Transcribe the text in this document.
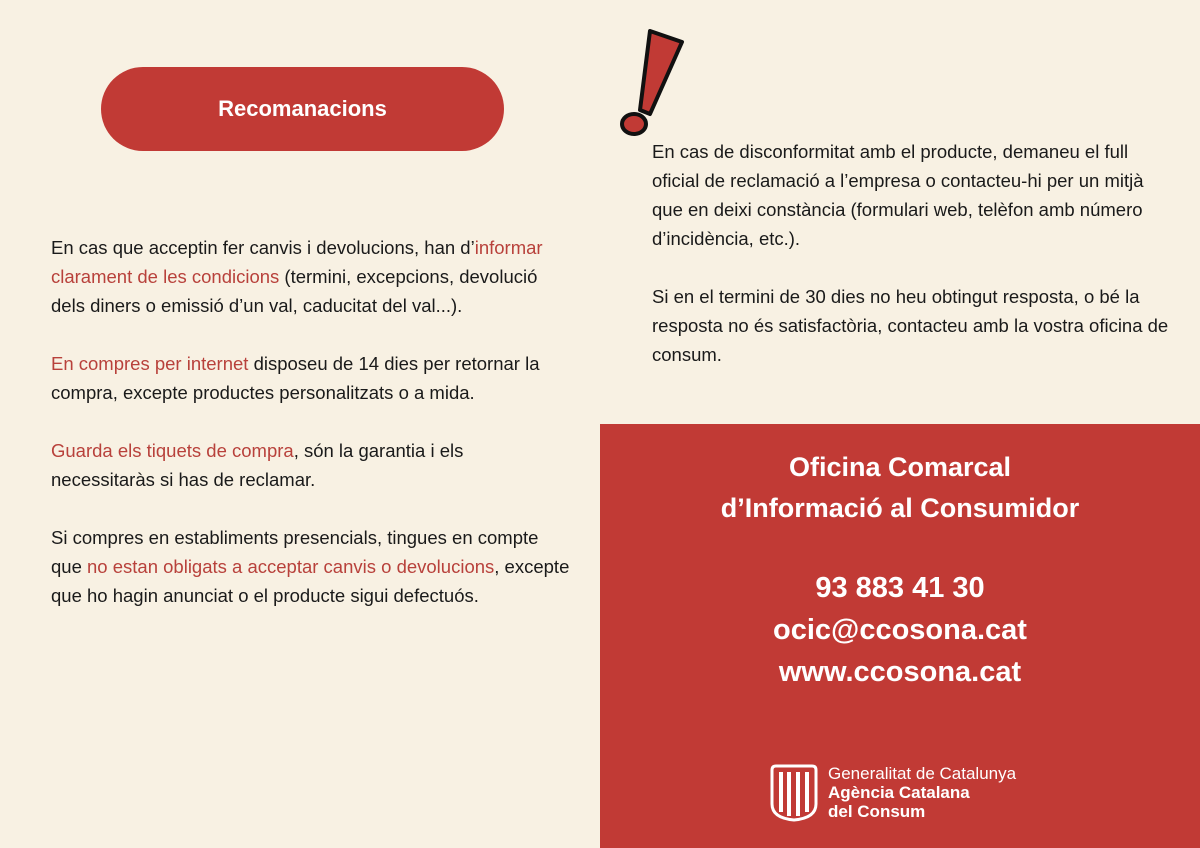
Recomanacions

En cas que acceptin fer canvis i devolucions, han d’informar clarament de les condicions (termini, excepcions, devolució dels diners o emissió d’un val, caducitat del val...).

En compres per internet disposeu de 14 dies per retornar la compra, excepte productes personalitzats o a mida.

Guarda els tiquets de compra, són la garantia i els necessitaràs si has de reclamar.

Si compres en establiments presencials, tingues en compte que no estan obligats a acceptar canvis o devolucions, excepte que ho hagin anunciat o el producte sigui defectuós.

En cas de disconformitat amb el producte, demaneu el full oficial de reclamació a l’empresa o contacteu-hi per un mitjà que en deixi constància (formulari web, telèfon amb número d’incidència, etc.).

Si en el termini de 30 dies no heu obtingut resposta, o bé la resposta no és satisfactòria, contacteu amb la vostra oficina de consum.

Oficina Comarcal
d’Informació al Consumidor
93 883 41 30
ocic@ccosona.cat
www.ccosona.cat
Generalitat de Catalunya
Agència Catalana
del Consum
